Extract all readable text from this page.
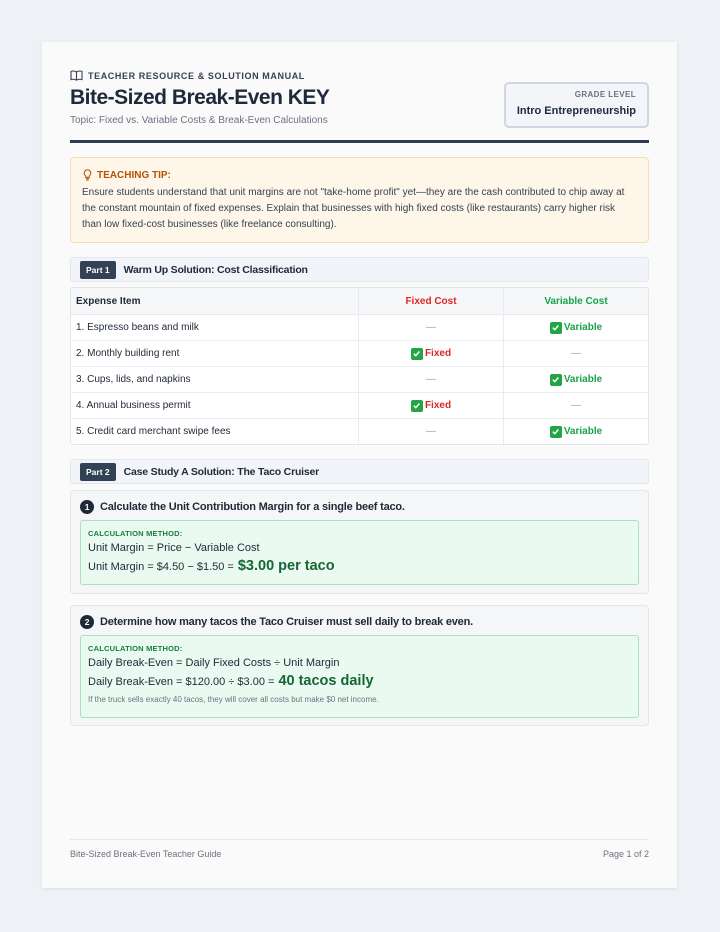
TEACHER RESOURCE & SOLUTION MANUAL
Bite-Sized Break-Even KEY
Topic: Fixed vs. Variable Costs & Break-Even Calculations
GRADE LEVEL
Intro Entrepreneurship
TEACHING TIP:
Ensure students understand that unit margins are not "take-home profit" yet—they are the cash contributed to chip away at the constant mountain of fixed expenses. Explain that businesses with high fixed costs (like restaurants) carry higher risk than low fixed-cost businesses (like freelance consulting).
Part 1	Warm Up Solution: Cost Classification
Expense Item	Fixed Cost	Variable Cost
1. Espresso beans and milk	—	Variable
2. Monthly building rent	Fixed	—
3. Cups, lids, and napkins	—	Variable
4. Annual business permit	Fixed	—
5. Credit card merchant swipe fees	—	Variable
Part 2	Case Study A Solution: The Taco Cruiser
1 Calculate the Unit Contribution Margin for a single beef taco.
CALCULATION METHOD:
Unit Margin = Price − Variable Cost
Unit Margin = $4.50 − $1.50 = $3.00 per taco
2 Determine how many tacos the Taco Cruiser must sell daily to break even.
CALCULATION METHOD:
Daily Break-Even = Daily Fixed Costs ÷ Unit Margin
Daily Break-Even = $120.00 ÷ $3.00 = 40 tacos daily
If the truck sells exactly 40 tacos, they will cover all costs but make $0 net income.
Bite-Sized Break-Even Teacher Guide	Page 1 of 2
